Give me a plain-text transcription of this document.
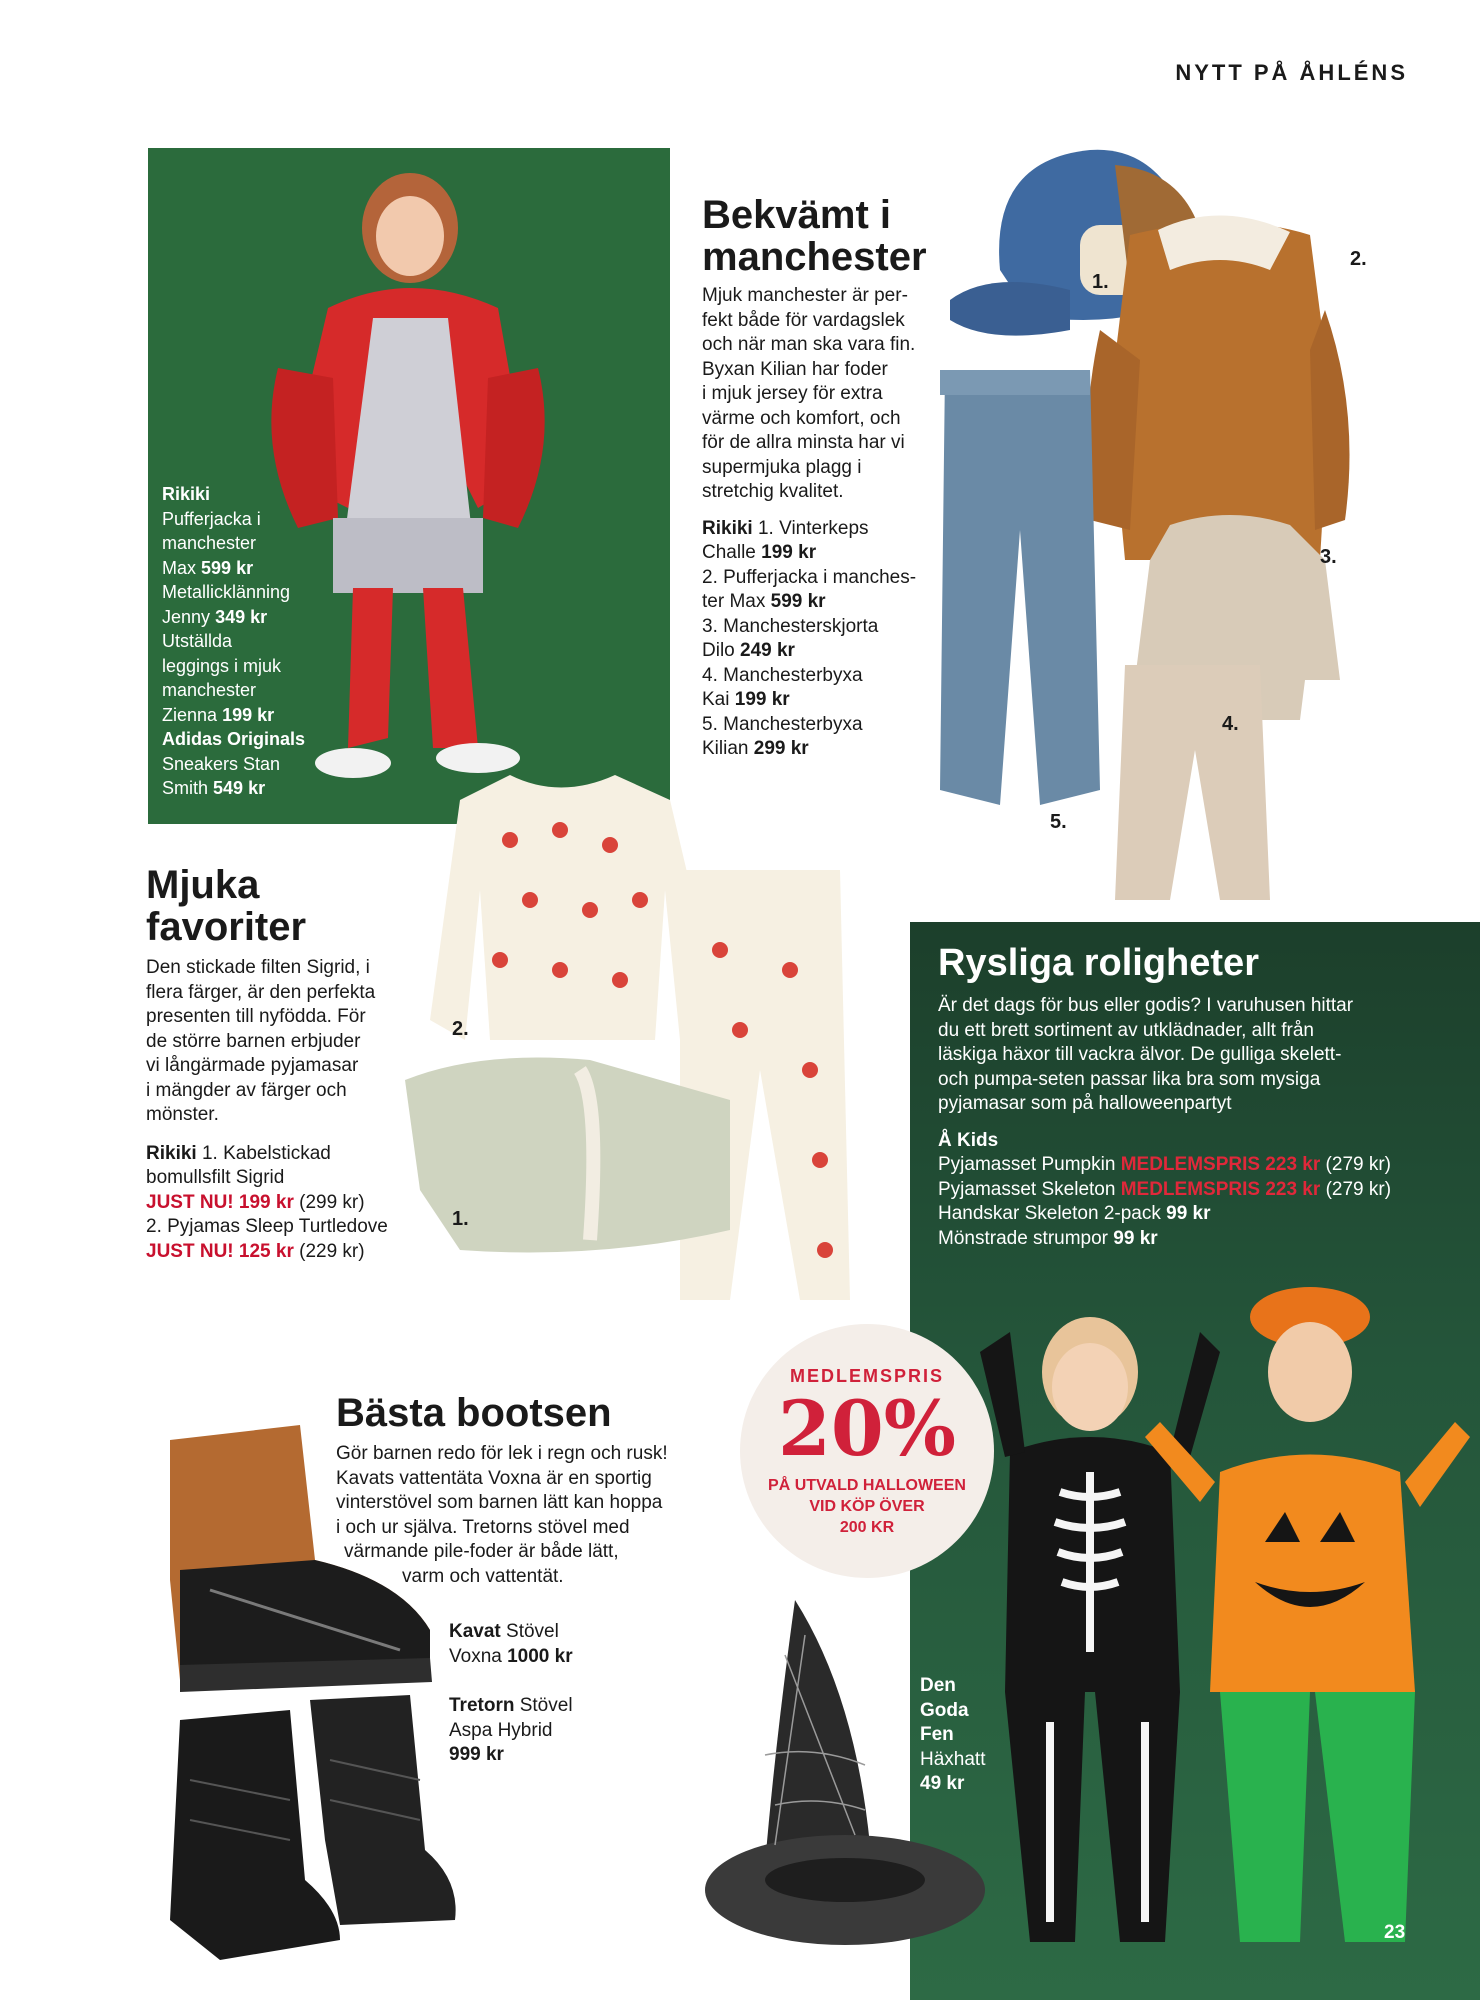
NYTT PÅ ÅHLÉNS
Rikiki
Pufferjacka i
manchester
Max 599 kr
Metallicklänning
Jenny 349 kr
Utställda
leggings i mjuk
manchester
Zienna 199 kr
Adidas Originals
Sneakers Stan
Smith 549 kr
Bekvämt i
manchester
Mjuk manchester är per-
fekt både för vardagslek
och när man ska vara fin.
Byxan Kilian har foder
i mjuk jersey för extra
värme och komfort, och
för de allra minsta har vi
supermjuka plagg i
stretchig kvalitet.
Rikiki 1. Vinterkeps
Challe 199 kr
2. Pufferjacka i manches-
ter Max 599 kr
3. Manchesterskjorta
Dilo 249 kr
4. Manchesterbyxa
Kai 199 kr
5. Manchesterbyxa
Kilian 299 kr
1.
2.
3.
4.
5.
Mjuka
favoriter
Den stickade filten Sigrid, i
flera färger, är den perfekta
presenten till nyfödda. För
de större barnen erbjuder
vi långärmade pyjamasar
i mängder av färger och
mönster.
Rikiki 1. Kabelstickad
bomullsfilt Sigrid
JUST NU! 199 kr (299 kr)
2. Pyjamas Sleep Turtledove
JUST NU! 125 kr (229 kr)
2.
1.
Rysliga roligheter
Är det dags för bus eller godis? I varuhusen hittar
du ett brett sortiment av utklädnader, allt från
läskiga häxor till vackra älvor. De gulliga skelett-
och pumpa-seten passar lika bra som mysiga
pyjamasar som på halloweenpartyt
Å Kids
Pyjamasset Pumpkin MEDLEMSPRIS 223 kr (279 kr)
Pyjamasset Skeleton MEDLEMSPRIS 223 kr (279 kr)
Handskar Skeleton 2-pack 99 kr
Mönstrade strumpor 99 kr
Den
Goda
Fen
Häxhatt
49 kr
23
MEDLEMSPRIS
20%
PÅ UTVALD HALLOWEEN
VID KÖP ÖVER
200 KR
Bästa bootsen
Gör barnen redo för lek i regn och rusk!
Kavats vattentäta Voxna är en sportig
vinterstövel som barnen lätt kan hoppa
i och ur själva. Tretorns stövel med
värmande pile-foder är både lätt,
varm och vattentät.
Kavat Stövel
Voxna 1000 kr
Tretorn Stövel
Aspa Hybrid
999 kr
